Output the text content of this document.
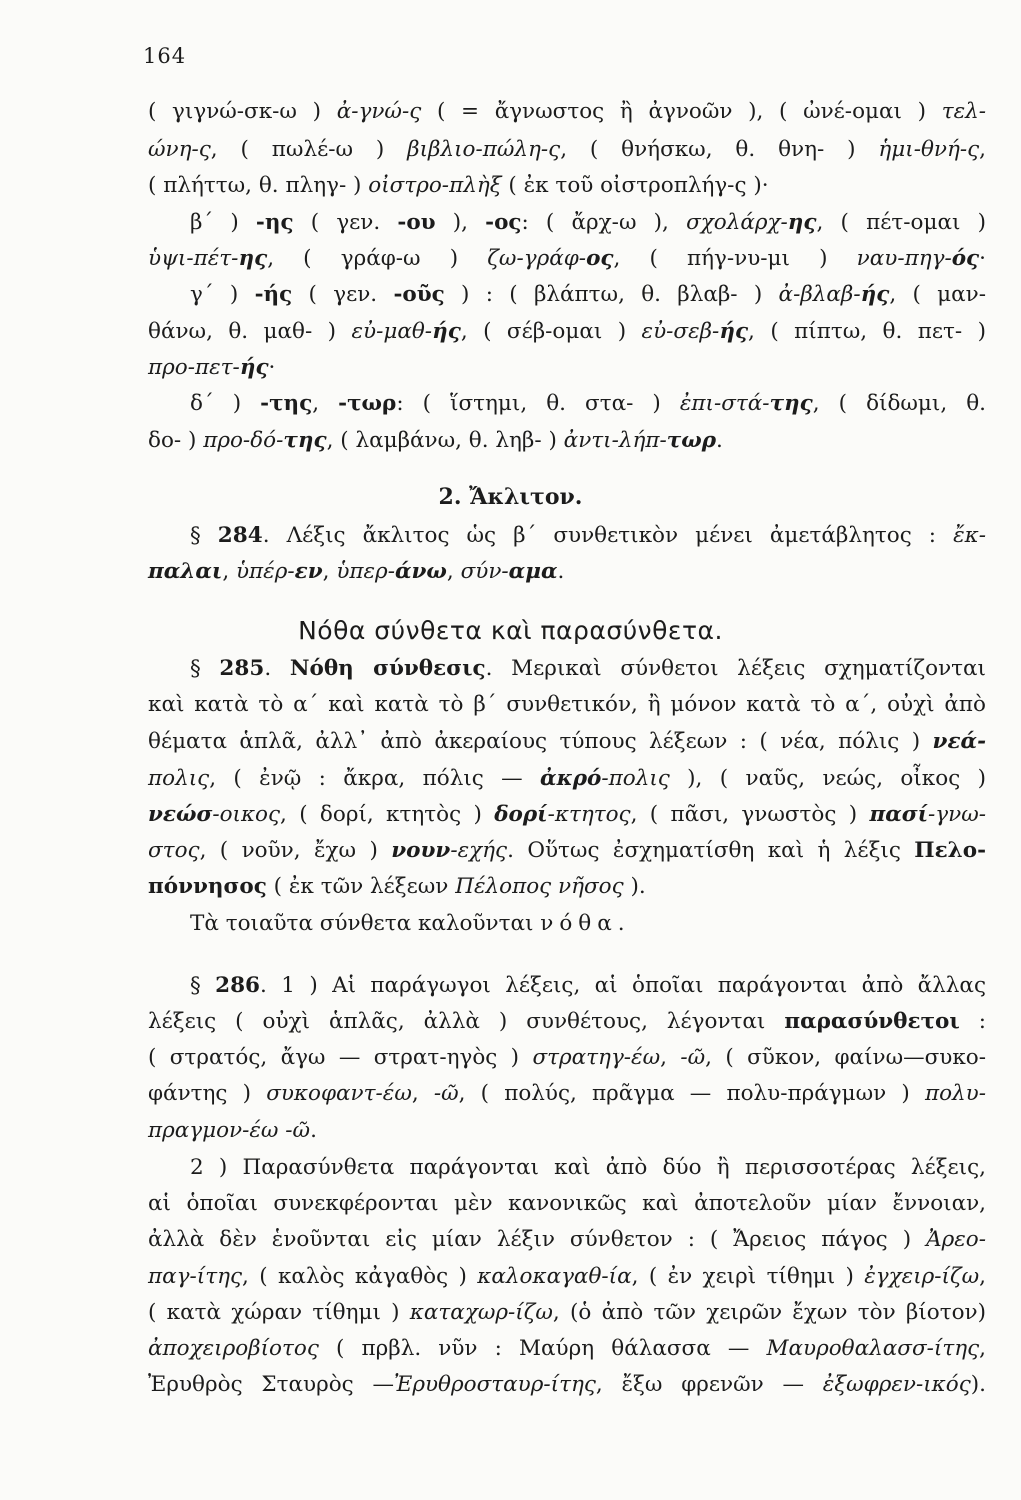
164
( γιγνώ-σκ-ω ) ἀ-γνώ-ς ( = ἄγνωστος ἢ ἀγνοῶν ), ( ὠνέ-ομαι ) τελ-
ώνη-ς, ( πωλέ-ω ) βιβλιο-πώλη-ς, ( θνήσκω, θ. θνη- ) ἡμι-θνή-ς,
( πλήττω, θ. πληγ- ) οἰστρο-πλὴξ ( ἐκ τοῦ οἰστροπλήγ-ς )·
β΄ ) -ης ( γεν. -ου ), -ος: ( ἄρχ-ω ), σχολάρχ-ης, ( πέτ-ομαι )
ὑψι-πέτ-ης, ( γράφ-ω ) ζω-γράφ-ος, ( πήγ-νυ-μι ) ναυ-πηγ-ός·
γ΄ ) -ής ( γεν. -οῦς ) : ( βλάπτω, θ. βλαβ- ) ἀ-βλαβ-ής, ( μαν-
θάνω, θ. μαθ- ) εὐ-μαθ-ής, ( σέβ-ομαι ) εὐ-σεβ-ής, ( πίπτω, θ. πετ- )
προ-πετ-ής·
δ΄ ) -της, -τωρ: ( ἵστημι, θ. στα- ) ἐπι-στά-της, ( δίδωμι, θ.
δο- ) προ-δό-της, ( λαμβάνω, θ. ληβ- ) ἀντι-λήπ-τωρ.
2. Ἄκλιτον.
§ 284. Λέξις ἄκλιτος ὡς β΄ συνθετικὸν μένει ἀμετάβλητος : ἔκ-
παλαι, ὑπέρ-εν, ὑπερ-άνω, σύν-αμα.
Νόθα σύνθετα καὶ παρασύνθετα.
§ 285. Νόθη σύνθεσις. Μερικαὶ σύνθετοι λέξεις σχηματίζονται
καὶ κατὰ τὸ α΄ καὶ κατὰ τὸ β΄ συνθετικόν, ἢ μόνον κατὰ τὸ α΄, οὐχὶ ἀπὸ
θέματα ἁπλᾶ, ἀλλ᾽ ἀπὸ ἀκεραίους τύπους λέξεων : ( νέα, πόλις ) νεά-
πολις, ( ἐνῷ : ἄκρα, πόλις — ἀκρό-πολις ), ( ναῦς, νεώς, οἶκος )
νεώσ-οικος, ( δορί, κτητὸς ) δορί-κτητος, ( πᾶσι, γνωστὸς ) πασί-γνω-
στος, ( νοῦν, ἔχω ) νουν-εχής. Οὕτως ἐσχηματίσθη καὶ ἡ λέξις Πελο-
πόννησος ( ἐκ τῶν λέξεων Πέλοπος νῆσος ).
Τὰ τοιαῦτα σύνθετα καλοῦνται νόθα.
§ 286. 1 ) Αἱ παράγωγοι λέξεις, αἱ ὁποῖαι παράγονται ἀπὸ ἄλλας
λέξεις ( οὐχὶ ἁπλᾶς, ἀλλὰ ) συνθέτους, λέγονται παρασύνθετοι :
( στρατός, ἄγω — στρατ-ηγὸς ) στρατηγ-έω, -ῶ, ( σῦκον, φαίνω—συκο-
φάντης ) συκοφαντ-έω, -ῶ, ( πολύς, πρᾶγμα — πολυ-πράγμων ) πολυ-
πραγμον-έω -ῶ.
2 ) Παρασύνθετα παράγονται καὶ ἀπὸ δύο ἢ περισσοτέρας λέξεις,
αἱ ὁποῖαι συνεκφέρονται μὲν κανονικῶς καὶ ἀποτελοῦν μίαν ἔννοιαν,
ἀλλὰ δὲν ἑνοῦνται εἰς μίαν λέξιν σύνθετον : ( Ἄρειος πάγος ) Ἀρεο-
παγ-ίτης, ( καλὸς κἀγαθὸς ) καλοκαγαθ-ία, ( ἐν χειρὶ τίθημι ) ἐγχειρ-ίζω,
( κατὰ χώραν τίθημι ) καταχωρ-ίζω, (ὁ ἀπὸ τῶν χειρῶν ἔχων τὸν βίοτον)
ἀποχειροβίοτος ( πρβλ. νῦν : Μαύρη θάλασσα — Μαυροθαλασσ-ίτης,
Ἐρυθρὸς Σταυρὸς —Ἐρυθροσταυρ-ίτης, ἔξω φρενῶν — ἐξωφρεν-ικός).
